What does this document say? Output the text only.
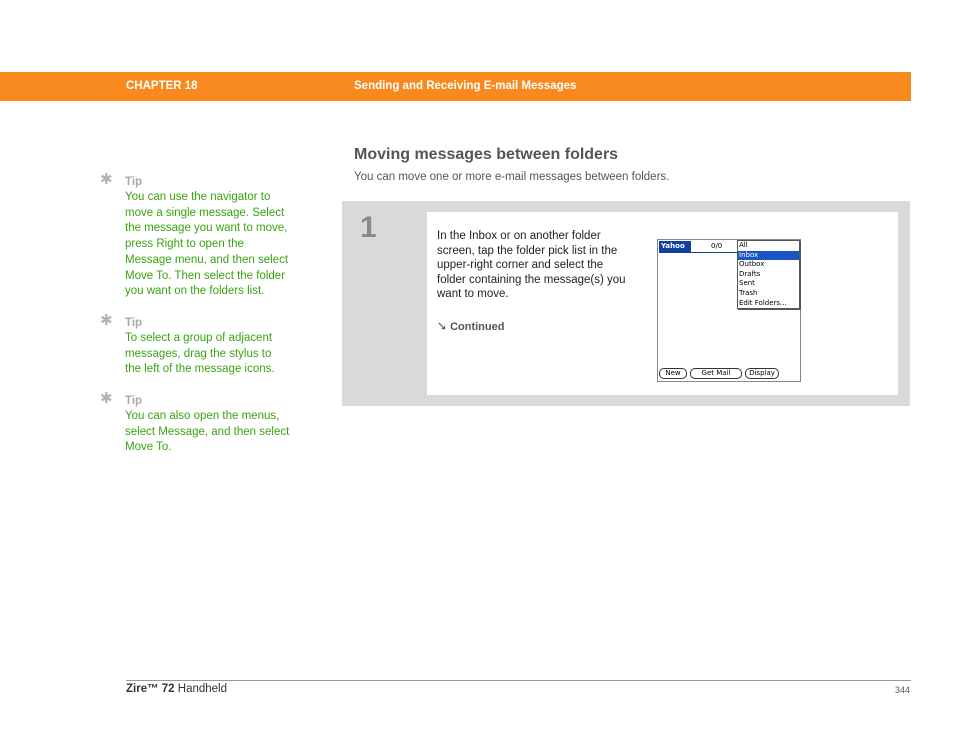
CHAPTER 18	Sending and Receiving E-mail Messages
✱ Tip
You can use the navigator to move a single message. Select the message you want to move, press Right to open the Message menu, and then select Move To. Then select the folder you want on the folders list.
✱ Tip
To select a group of adjacent messages, drag the stylus to the left of the message icons.
✱ Tip
You can also open the menus, select Message, and then select Move To.
Moving messages between folders

You can move one or more e-mail messages between folders.

1	In the Inbox or on another folder screen, tap the folder pick list in the upper-right corner and select the folder containing the message(s) you want to move.

➘ Continued
Yahoo	0/0 All
Inbox
Outbox
Drafts
Sent
Trash
Edit Folders...
New	Get Mail	Display
Zire™ 72 Handheld	344
